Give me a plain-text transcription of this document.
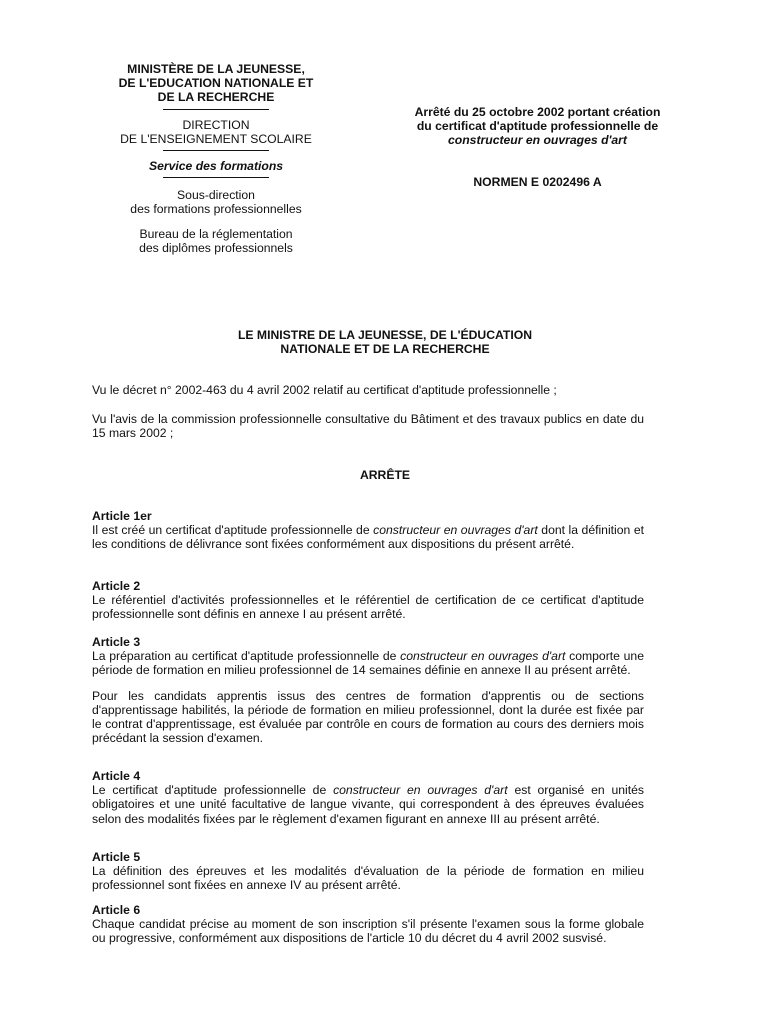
MINISTÈRE DE LA JEUNESSE,
DE L'EDUCATION NATIONALE ET
DE LA RECHERCHE
DIRECTION
DE L'ENSEIGNEMENT SCOLAIRE
Service des formations
Sous-direction
des formations professionnelles
Bureau de la réglementation
des diplômes professionnels
Arrêté du 25 octobre 2002 portant création
du certificat d'aptitude professionnelle de
constructeur en ouvrages d'art
NORMEN E 0202496 A
LE MINISTRE DE LA JEUNESSE, DE L'ÉDUCATION
NATIONALE ET DE LA RECHERCHE

Vu le décret n° 2002-463 du 4 avril 2002 relatif au certificat d'aptitude professionnelle ;

Vu l'avis de la commission professionnelle consultative du Bâtiment et des travaux publics en date du 15 mars 2002 ;

ARRÊTE
Article 1er

Il est créé un certificat d'aptitude professionnelle de constructeur en ouvrages d'art dont la définition et les conditions de délivrance sont fixées conformément aux dispositions du présent arrêté.

Article 2

Le référentiel d'activités professionnelles et le référentiel de certification de ce certificat d'aptitude professionnelle sont définis en annexe I au présent arrêté.

Article 3

La préparation au certificat d'aptitude professionnelle de constructeur en ouvrages d'art comporte une période de formation en milieu professionnel de 14 semaines définie en annexe II au présent arrêté.

Pour les candidats apprentis issus des centres de formation d'apprentis ou de sections d'apprentissage habilités, la période de formation en milieu professionnel, dont la durée est fixée par le contrat d'apprentissage, est évaluée par contrôle en cours de formation au cours des derniers mois précédant la session d'examen.

Article 4

Le certificat d'aptitude professionnelle de constructeur en ouvrages d'art est organisé en unités obligatoires et une unité facultative de langue vivante, qui correspondent à des épreuves évaluées selon des modalités fixées par le règlement d'examen figurant en annexe III au présent arrêté.

Article 5

La définition des épreuves et les modalités d'évaluation de la période de formation en milieu professionnel sont fixées en annexe IV au présent arrêté.

Article 6

Chaque candidat précise au moment de son inscription s'il présente l'examen sous la forme globale ou progressive, conformément aux dispositions de l'article 10 du décret du 4 avril 2002 susvisé.
